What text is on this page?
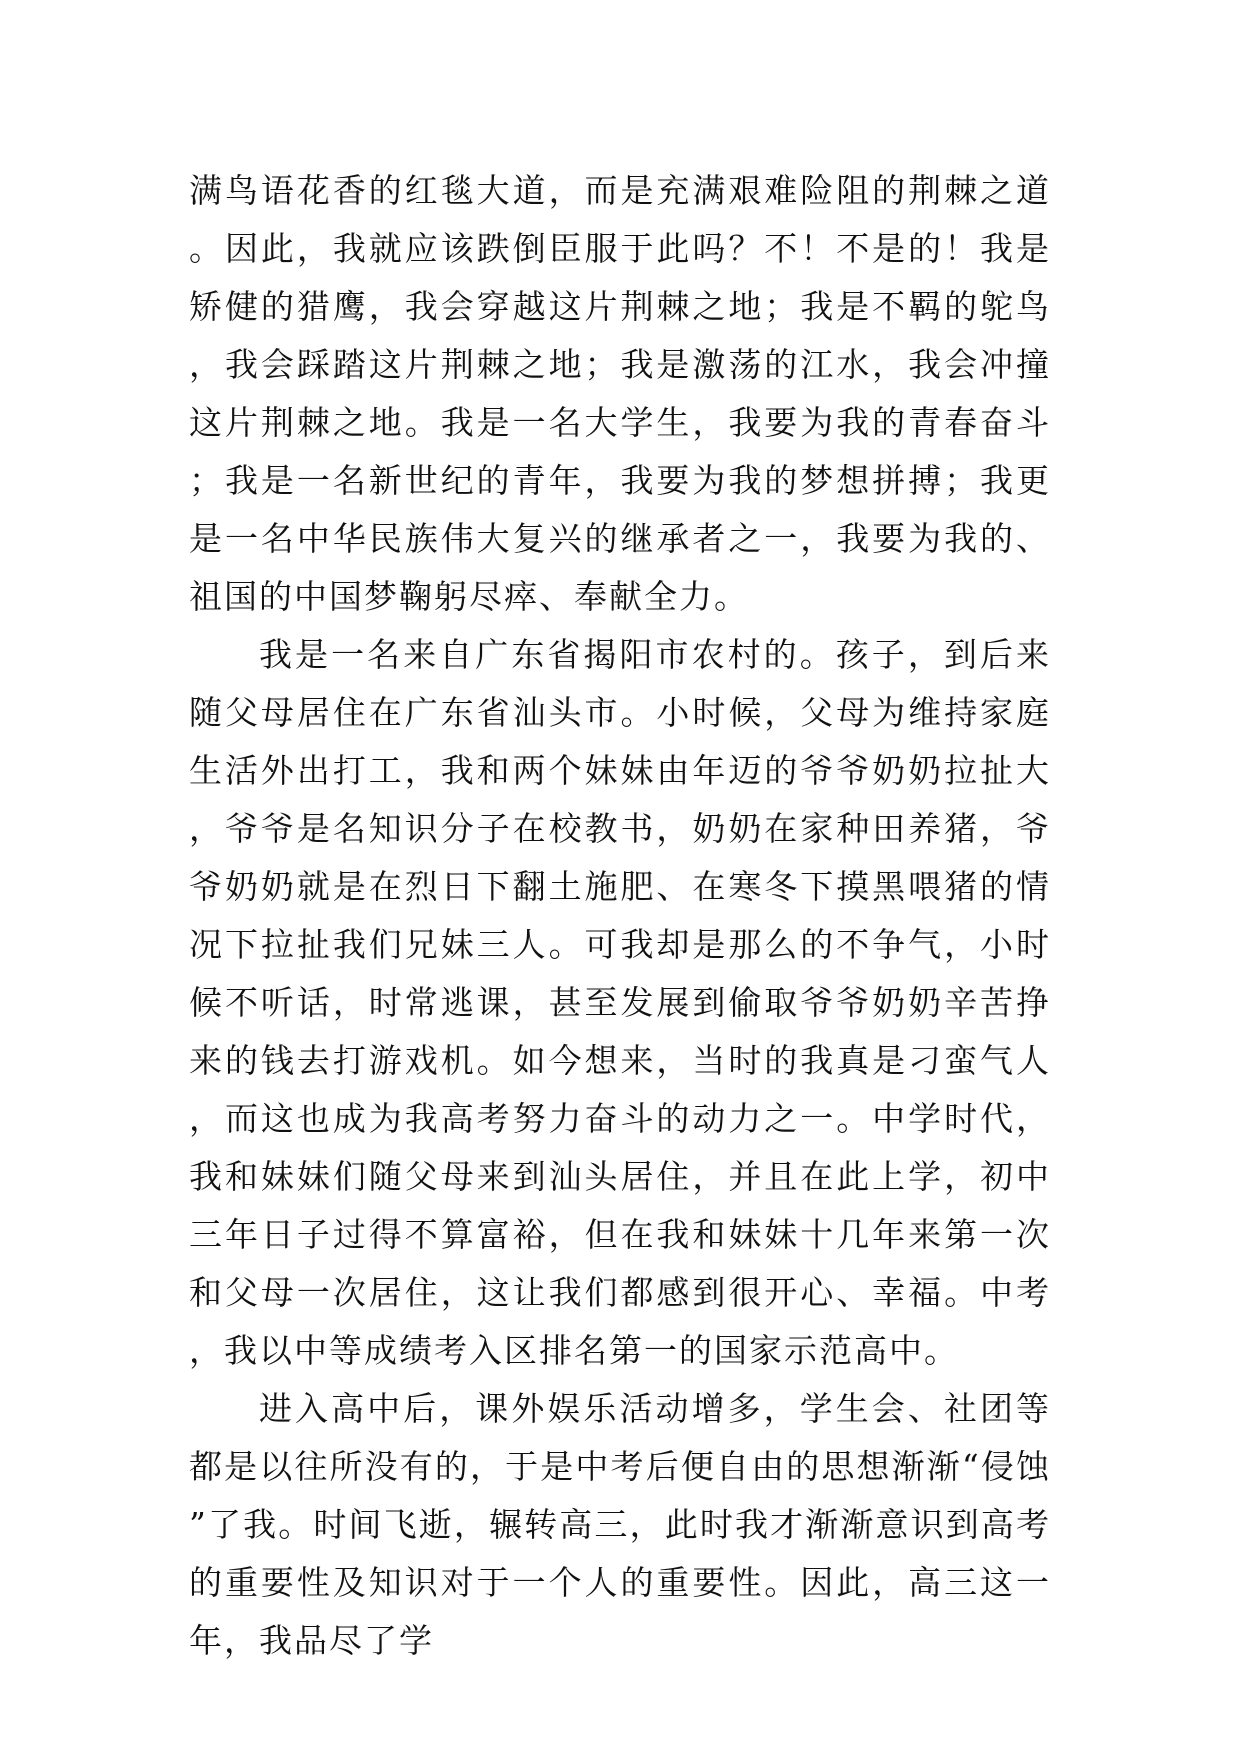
满鸟语花香的红毯大道，而是充满艰难险阻的荆棘之道。因此，我就应该跌倒臣服于此吗？不！不是的！我是矫健的猎鹰，我会穿越这片荆棘之地；我是不羁的鸵鸟，我会踩踏这片荆棘之地；我是激荡的江水，我会冲撞这片荆棘之地。我是一名大学生，我要为我的青春奋斗；我是一名新世纪的青年，我要为我的梦想拼搏；我更是一名中华民族伟大复兴的继承者之一，我要为我的、祖国的中国梦鞠躬尽瘁、奉献全力。

我是一名来自广东省揭阳市农村的。孩子，到后来随父母居住在广东省汕头市。小时候，父母为维持家庭生活外出打工，我和两个妹妹由年迈的爷爷奶奶拉扯大，爷爷是名知识分子在校教书，奶奶在家种田养猪，爷爷奶奶就是在烈日下翻土施肥、在寒冬下摸黑喂猪的情况下拉扯我们兄妹三人。可我却是那么的不争气，小时候不听话，时常逃课，甚至发展到偷取爷爷奶奶辛苦挣来的钱去打游戏机。如今想来，当时的我真是刁蛮气人，而这也成为我高考努力奋斗的动力之一。中学时代，我和妹妹们随父母来到汕头居住，并且在此上学，初中三年日子过得不算富裕，但在我和妹妹十几年来第一次和父母一次居住，这让我们都感到很开心、幸福。中考，我以中等成绩考入区排名第一的国家示范高中。

进入高中后，课外娱乐活动增多，学生会、社团等都是以往所没有的，于是中考后便自由的思想渐渐“侵蚀”了我。时间飞逝，辗转高三，此时我才渐渐意识到高考的重要性及知识对于一个人的重要性。因此，高三这一年，我品尽了学
